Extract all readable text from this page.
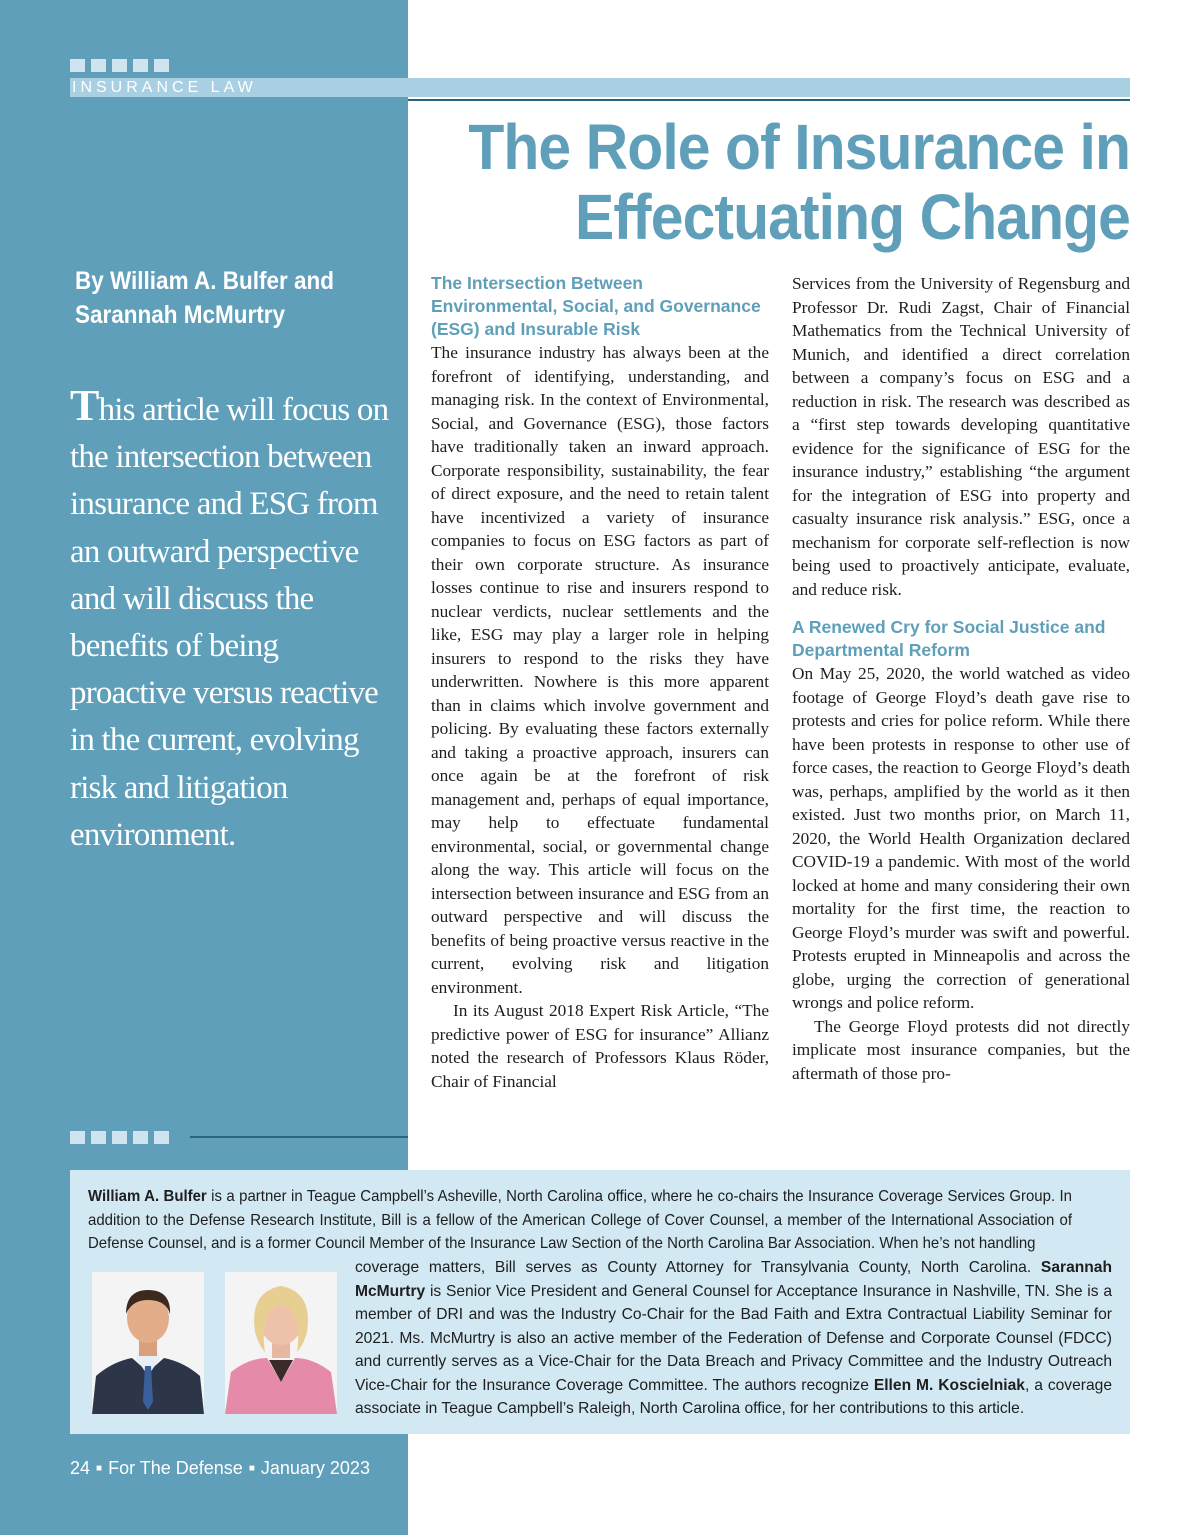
INSURANCE LAW
The Role of Insurance in
Effectuating Change
By William A. Bulfer and
Sarannah McMurtry
This article will focus on the intersection between insurance and ESG from an outward perspective and will discuss the benefits of being proactive versus reactive in the current, evolving risk and litigation environment.
The Intersection Between Environmental, Social, and Governance (ESG) and Insurable Risk

The insurance industry has always been at the forefront of identifying, understanding, and managing risk. In the context of Environmental, Social, and Governance (ESG), those factors have traditionally taken an inward approach. Corporate responsibility, sustainability, the fear of direct exposure, and the need to retain talent have incentivized a variety of insurance companies to focus on ESG factors as part of their own corporate structure. As insurance losses continue to rise and insurers respond to nuclear verdicts, nuclear settlements and the like, ESG may play a larger role in helping insurers to respond to the risks they have underwritten. Nowhere is this more apparent than in claims which involve government and policing. By evaluating these factors externally and taking a proactive approach, insurers can once again be at the forefront of risk management and, perhaps of equal importance, may help to effectuate fundamental environmental, social, or governmental change along the way. This article will focus on the intersection between insurance and ESG from an outward perspective and will discuss the benefits of being proactive versus reactive in the current, evolving risk and litigation environment.

In its August 2018 Expert Risk Article, “The predictive power of ESG for insurance” Allianz noted the research of Professors Klaus Röder, Chair of Financial

Services from the University of Regensburg and Professor Dr. Rudi Zagst, Chair of Financial Mathematics from the Technical University of Munich, and identified a direct correlation between a company’s focus on ESG and a reduction in risk. The research was described as a “first step towards developing quantitative evidence for the significance of ESG for the insurance industry,” establishing “the argument for the integration of ESG into property and casualty insurance risk analysis.” ESG, once a mechanism for corporate self-reflection is now being used to proactively anticipate, evaluate, and reduce risk.

A Renewed Cry for Social Justice and Departmental Reform

On May 25, 2020, the world watched as video footage of George Floyd’s death gave rise to protests and cries for police reform. While there have been protests in response to other use of force cases, the reaction to George Floyd’s death was, perhaps, amplified by the world as it then existed. Just two months prior, on March 11, 2020, the World Health Organization declared COVID-19 a pandemic. With most of the world locked at home and many considering their own mortality for the first time, the reaction to George Floyd’s murder was swift and powerful. Protests erupted in Minneapolis and across the globe, urging the correction of generational wrongs and police reform.

The George Floyd protests did not directly implicate most insurance companies, but the aftermath of those pro-

William A. Bulfer is a partner in Teague Campbell’s Asheville, North Carolina office, where he co-chairs the Insurance Coverage Services Group. In addition to the Defense Research Institute, Bill is a fellow of the American College of Cover Counsel, a member of the International Association of Defense Counsel, and is a former Council Member of the Insurance Law Section of the North Carolina Bar Association. When he’s not handling
coverage matters, Bill serves as County Attorney for Transylvania County, North Carolina. Sarannah McMurtry is Senior Vice President and General Counsel for Acceptance Insurance in Nashville, TN. She is a member of DRI and was the Industry Co-Chair for the Bad Faith and Extra Contractual Liability Seminar for 2021. Ms. McMurtry is also an active member of the Federation of Defense and Corporate Counsel (FDCC) and currently serves as a Vice-Chair for the Data Breach and Privacy Committee and the Industry Outreach Vice-Chair for the Insurance Coverage Committee. The authors recognize Ellen M. Koscielniak, a coverage associate in Teague Campbell’s Raleigh, North Carolina office, for her contributions to this article.
24 ■ For The Defense ■ January 2023
